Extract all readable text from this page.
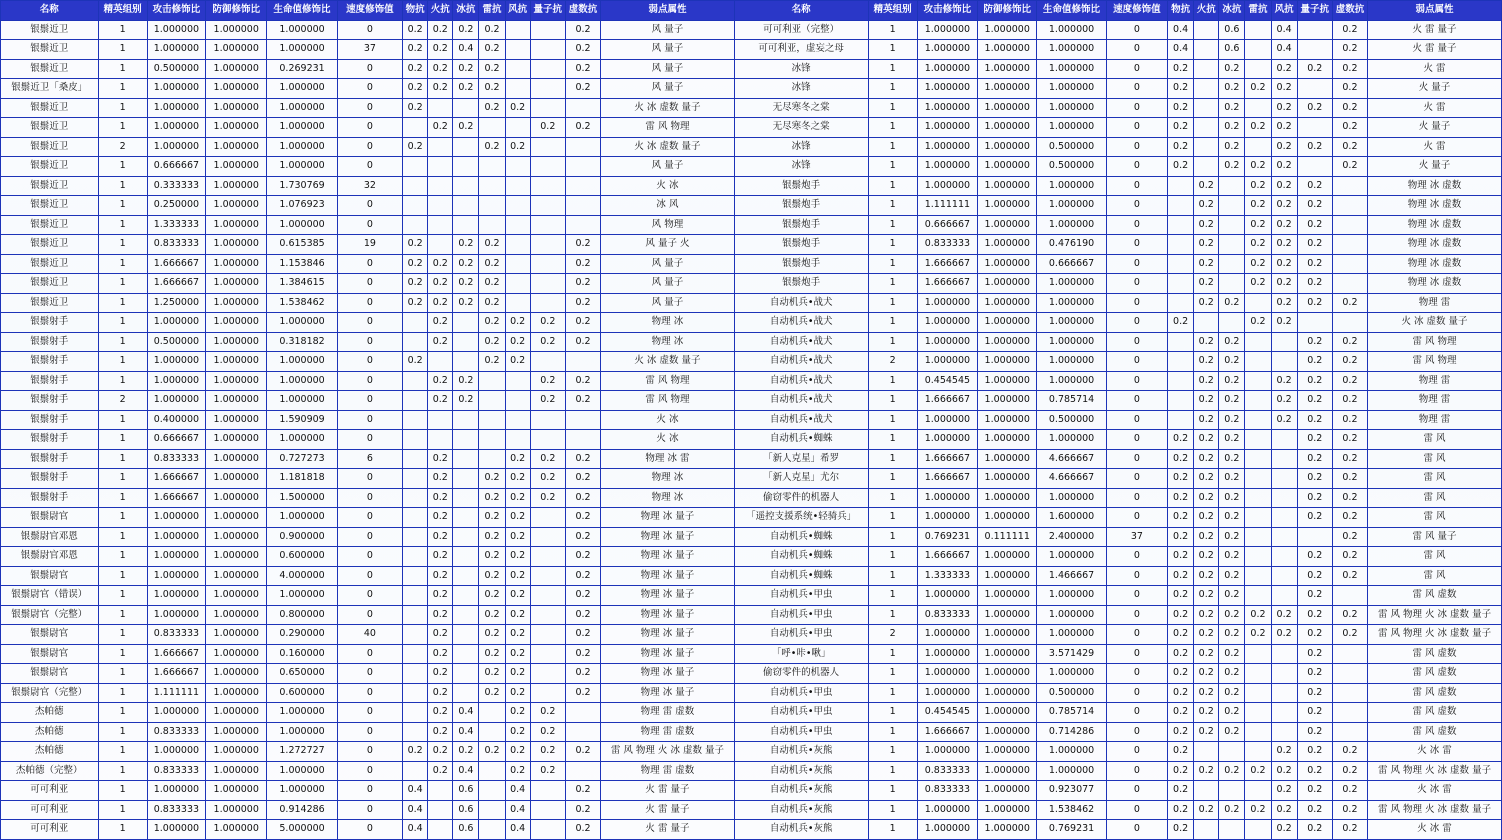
名称	精英组别	攻击修饰比	防御修饰比	生命值修饰比	速度修饰值	物抗	火抗	冰抗	雷抗	风抗	量子抗	虚数抗	弱点属性	名称	精英组别	攻击修饰比	防御修饰比	生命值修饰比	速度修饰值	物抗	火抗	冰抗	雷抗	风抗	量子抗	虚数抗	弱点属性
银鬃近卫	1	1.000000	1.000000	1.000000	0	0.2	0.2	0.2	0.2			0.2	风 量子	可可利亚（完整）	1	1.000000	1.000000	1.000000	0	0.4		0.6		0.4		0.2	火 雷 量子
银鬃近卫	1	1.000000	1.000000	1.000000	37	0.2	0.2	0.4	0.2			0.2	风 量子	可可利亚，虚妄之母	1	1.000000	1.000000	1.000000	0	0.4		0.6		0.4		0.2	火 雷 量子
银鬃近卫	1	0.500000	1.000000	0.269231	0	0.2	0.2	0.2	0.2			0.2	风 量子	冰锋	1	1.000000	1.000000	1.000000	0	0.2		0.2		0.2	0.2	0.2	火 雷
银鬃近卫「桑皮」	1	1.000000	1.000000	1.000000	0	0.2	0.2	0.2	0.2			0.2	风 量子	冰锋	1	1.000000	1.000000	1.000000	0	0.2		0.2	0.2	0.2		0.2	火 量子
银鬃近卫	1	1.000000	1.000000	1.000000	0	0.2			0.2	0.2			火 冰 虚数 量子	无尽寒冬之棠	1	1.000000	1.000000	1.000000	0	0.2		0.2		0.2	0.2	0.2	火 雷
银鬃近卫	1	1.000000	1.000000	1.000000	0		0.2	0.2			0.2	0.2	雷 风 物理	无尽寒冬之棠	1	1.000000	1.000000	1.000000	0	0.2		0.2	0.2	0.2		0.2	火 量子
银鬃近卫	2	1.000000	1.000000	1.000000	0	0.2			0.2	0.2			火 冰 虚数 量子	冰锋	1	1.000000	1.000000	0.500000	0	0.2		0.2		0.2	0.2	0.2	火 雷
银鬃近卫	1	0.666667	1.000000	1.000000	0								风 量子	冰锋	1	1.000000	1.000000	0.500000	0	0.2		0.2	0.2	0.2		0.2	火 量子
银鬃近卫	1	0.333333	1.000000	1.730769	32								火 冰	银鬃炮手	1	1.000000	1.000000	1.000000	0		0.2		0.2	0.2	0.2		物理 冰 虚数
银鬃近卫	1	0.250000	1.000000	1.076923	0								冰 风	银鬃炮手	1	1.111111	1.000000	1.000000	0		0.2		0.2	0.2	0.2		物理 冰 虚数
银鬃近卫	1	1.333333	1.000000	1.000000	0								风 物理	银鬃炮手	1	0.666667	1.000000	1.000000	0		0.2		0.2	0.2	0.2		物理 冰 虚数
银鬃近卫	1	0.833333	1.000000	0.615385	19	0.2		0.2	0.2			0.2	风 量子 火	银鬃炮手	1	0.833333	1.000000	0.476190	0		0.2		0.2	0.2	0.2		物理 冰 虚数
银鬃近卫	1	1.666667	1.000000	1.153846	0	0.2	0.2	0.2	0.2			0.2	风 量子	银鬃炮手	1	1.666667	1.000000	0.666667	0		0.2		0.2	0.2	0.2		物理 冰 虚数
银鬃近卫	1	1.666667	1.000000	1.384615	0	0.2	0.2	0.2	0.2			0.2	风 量子	银鬃炮手	1	1.666667	1.000000	1.000000	0		0.2		0.2	0.2	0.2		物理 冰 虚数
银鬃近卫	1	1.250000	1.000000	1.538462	0	0.2	0.2	0.2	0.2			0.2	风 量子	自动机兵•战犬	1	1.000000	1.000000	1.000000	0		0.2	0.2		0.2	0.2	0.2	物理 雷
银鬃射手	1	1.000000	1.000000	1.000000	0		0.2		0.2	0.2	0.2	0.2	物理 冰	自动机兵•战犬	1	1.000000	1.000000	1.000000	0	0.2			0.2	0.2			火 冰 虚数 量子
银鬃射手	1	0.500000	1.000000	0.318182	0		0.2		0.2	0.2	0.2	0.2	物理 冰	自动机兵•战犬	1	1.000000	1.000000	1.000000	0		0.2	0.2			0.2	0.2	雷 风 物理
银鬃射手	1	1.000000	1.000000	1.000000	0	0.2			0.2	0.2			火 冰 虚数 量子	自动机兵•战犬	2	1.000000	1.000000	1.000000	0		0.2	0.2			0.2	0.2	雷 风 物理
银鬃射手	1	1.000000	1.000000	1.000000	0		0.2	0.2			0.2	0.2	雷 风 物理	自动机兵•战犬	1	0.454545	1.000000	1.000000	0		0.2	0.2		0.2	0.2	0.2	物理 雷
银鬃射手	2	1.000000	1.000000	1.000000	0		0.2	0.2			0.2	0.2	雷 风 物理	自动机兵•战犬	1	1.666667	1.000000	0.785714	0		0.2	0.2		0.2	0.2	0.2	物理 雷
银鬃射手	1	0.400000	1.000000	1.590909	0								火 冰	自动机兵•战犬	1	1.000000	1.000000	0.500000	0		0.2	0.2		0.2	0.2	0.2	物理 雷
银鬃射手	1	0.666667	1.000000	1.000000	0								火 冰	自动机兵•蜘蛛	1	1.000000	1.000000	1.000000	0	0.2	0.2	0.2			0.2	0.2	雷 风
银鬃射手	1	0.833333	1.000000	0.727273	6		0.2			0.2	0.2	0.2	物理 冰 雷	「新人克星」希罗	1	1.666667	1.000000	4.666667	0	0.2	0.2	0.2			0.2	0.2	雷 风
银鬃射手	1	1.666667	1.000000	1.181818	0		0.2		0.2	0.2	0.2	0.2	物理 冰	「新人克星」尤尔	1	1.666667	1.000000	4.666667	0	0.2	0.2	0.2			0.2	0.2	雷 风
银鬃射手	1	1.666667	1.000000	1.500000	0		0.2		0.2	0.2	0.2	0.2	物理 冰	偷窃零件的机器人	1	1.000000	1.000000	1.000000	0	0.2	0.2	0.2			0.2	0.2	雷 风
银鬃尉官	1	1.000000	1.000000	1.000000	0		0.2		0.2	0.2		0.2	物理 冰 量子	「遥控支援系统•轻骑兵」	1	1.000000	1.000000	1.600000	0	0.2	0.2	0.2			0.2	0.2	雷 风
银鬃尉官邓恩	1	1.000000	1.000000	0.900000	0		0.2		0.2	0.2		0.2	物理 冰 量子	自动机兵•蜘蛛	1	0.769231	0.111111	2.400000	37	0.2	0.2	0.2				0.2	雷 风 量子
银鬃尉官邓恩	1	1.000000	1.000000	0.600000	0		0.2		0.2	0.2		0.2	物理 冰 量子	自动机兵•蜘蛛	1	1.666667	1.000000	1.000000	0	0.2	0.2	0.2			0.2	0.2	雷 风
银鬃尉官	1	1.000000	1.000000	4.000000	0		0.2		0.2	0.2		0.2	物理 冰 量子	自动机兵•蜘蛛	1	1.333333	1.000000	1.466667	0	0.2	0.2	0.2			0.2	0.2	雷 风
银鬃尉官（错误）	1	1.000000	1.000000	1.000000	0		0.2		0.2	0.2		0.2	物理 冰 量子	自动机兵•甲虫	1	1.000000	1.000000	1.000000	0	0.2	0.2	0.2			0.2		雷 风 虚数
银鬃尉官（完整）	1	1.000000	1.000000	0.800000	0		0.2		0.2	0.2		0.2	物理 冰 量子	自动机兵•甲虫	1	0.833333	1.000000	1.000000	0	0.2	0.2	0.2	0.2	0.2	0.2	0.2	雷 风 物理 火 冰 虚数 量子
银鬃尉官	1	0.833333	1.000000	0.290000	40		0.2		0.2	0.2		0.2	物理 冰 量子	自动机兵•甲虫	2	1.000000	1.000000	1.000000	0	0.2	0.2	0.2	0.2	0.2	0.2	0.2	雷 风 物理 火 冰 虚数 量子
银鬃尉官	1	1.666667	1.000000	0.160000	0		0.2		0.2	0.2		0.2	物理 冰 量子	「呼•咔•啾」	1	1.000000	1.000000	3.571429	0	0.2	0.2	0.2			0.2		雷 风 虚数
银鬃尉官	1	1.666667	1.000000	0.650000	0		0.2		0.2	0.2		0.2	物理 冰 量子	偷窃零件的机器人	1	1.000000	1.000000	1.000000	0	0.2	0.2	0.2			0.2		雷 风 虚数
银鬃尉官（完整）	1	1.111111	1.000000	0.600000	0		0.2		0.2	0.2		0.2	物理 冰 量子	自动机兵•甲虫	1	1.000000	1.000000	0.500000	0	0.2	0.2	0.2			0.2		雷 风 虚数
杰帕德	1	1.000000	1.000000	1.000000	0		0.2	0.4		0.2	0.2		物理 雷 虚数	自动机兵•甲虫	1	0.454545	1.000000	0.785714	0	0.2	0.2	0.2			0.2		雷 风 虚数
杰帕德	1	0.833333	1.000000	1.000000	0		0.2	0.4		0.2	0.2		物理 雷 虚数	自动机兵•甲虫	1	1.666667	1.000000	0.714286	0	0.2	0.2	0.2			0.2		雷 风 虚数
杰帕德	1	1.000000	1.000000	1.272727	0	0.2	0.2	0.2	0.2	0.2	0.2	0.2	雷 风 物理 火 冰 虚数 量子	自动机兵•灰熊	1	1.000000	1.000000	1.000000	0	0.2				0.2	0.2	0.2	火 冰 雷
杰帕德（完整）	1	0.833333	1.000000	1.000000	0		0.2	0.4		0.2	0.2		物理 雷 虚数	自动机兵•灰熊	1	0.833333	1.000000	1.000000	0	0.2	0.2	0.2	0.2	0.2	0.2	0.2	雷 风 物理 火 冰 虚数 量子
可可利亚	1	1.000000	1.000000	1.000000	0	0.4		0.6		0.4		0.2	火 雷 量子	自动机兵•灰熊	1	0.833333	1.000000	0.923077	0	0.2				0.2	0.2	0.2	火 冰 雷
可可利亚	1	0.833333	1.000000	0.914286	0	0.4		0.6		0.4		0.2	火 雷 量子	自动机兵•灰熊	1	1.000000	1.000000	1.538462	0	0.2	0.2	0.2	0.2	0.2	0.2	0.2	雷 风 物理 火 冰 虚数 量子
可可利亚	1	1.000000	1.000000	5.000000	0	0.4		0.6		0.4		0.2	火 雷 量子	自动机兵•灰熊	1	1.000000	1.000000	0.769231	0	0.2				0.2	0.2	0.2	火 冰 雷
